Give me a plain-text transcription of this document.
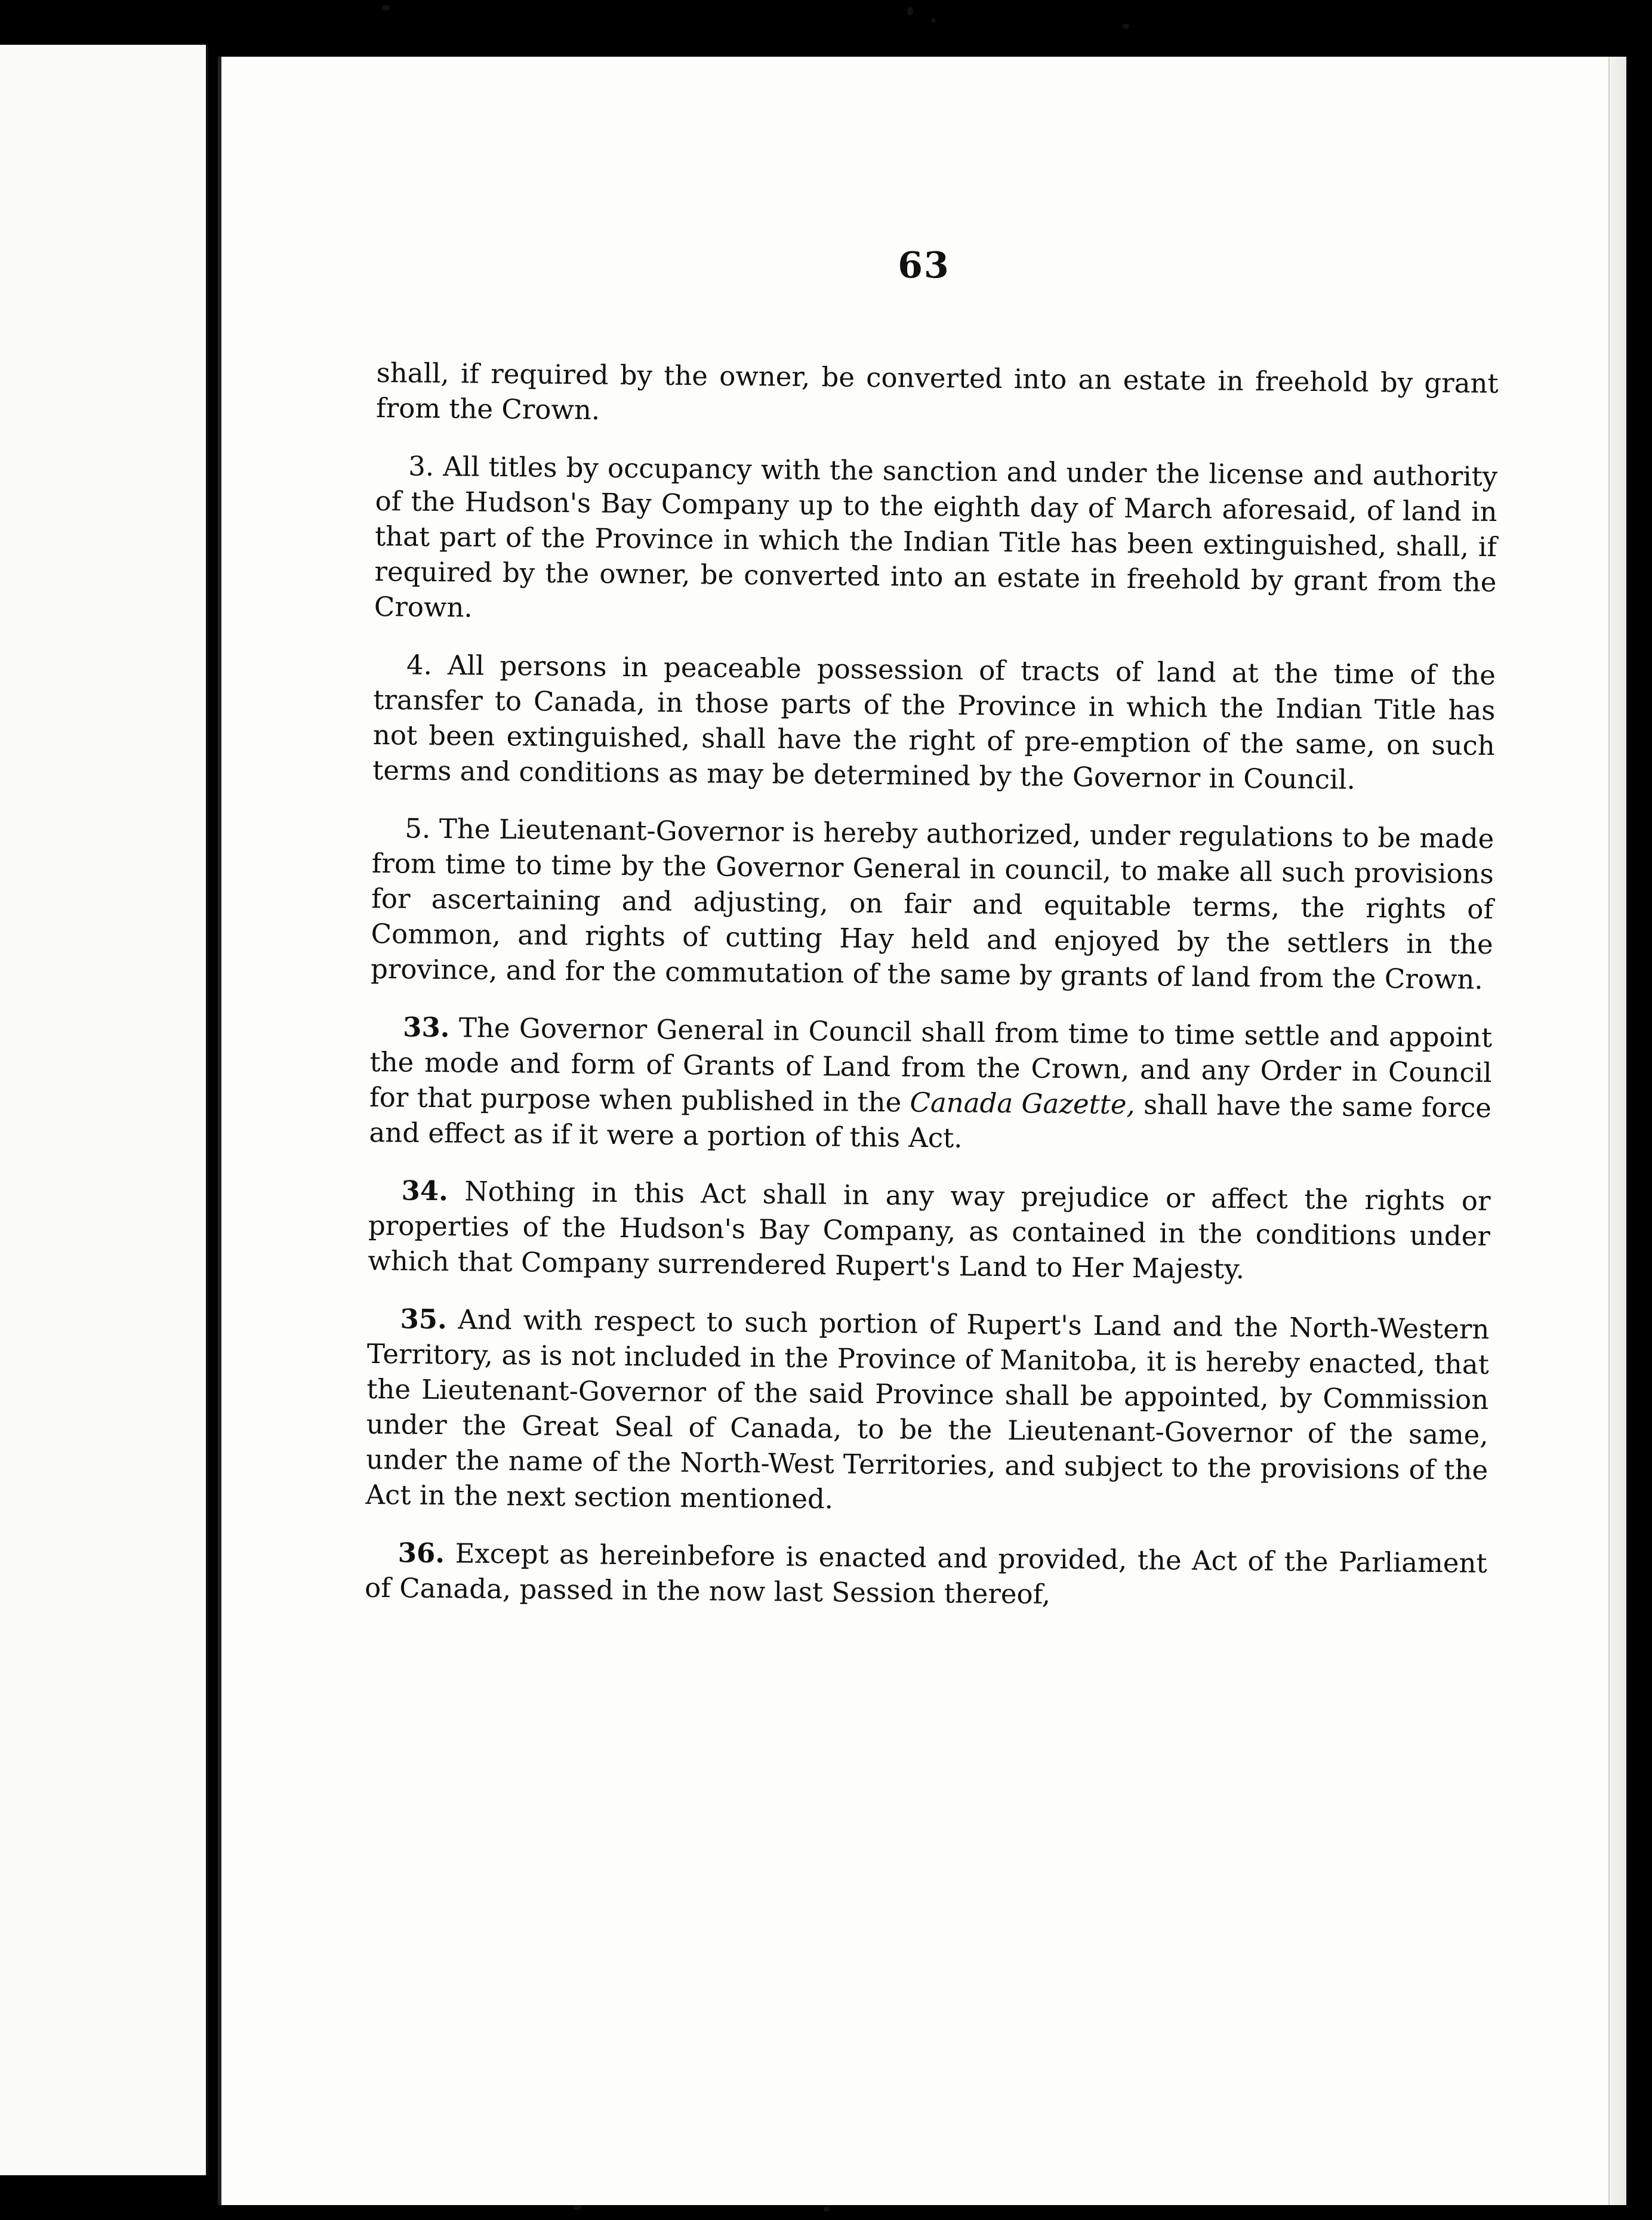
63

shall, if required by the owner, be converted into an estate in freehold by grant from the Crown.

3. All titles by occupancy with the sanction and under the license and authority of the Hudson's Bay Company up to the eighth day of March aforesaid, of land in that part of the Province in which the Indian Title has been extinguished, shall, if required by the owner, be converted into an estate in freehold by grant from the Crown.

4. All persons in peaceable possession of tracts of land at the time of the transfer to Canada, in those parts of the Province in which the Indian Title has not been extinguished, shall have the right of pre-emption of the same, on such terms and conditions as may be determined by the Governor in Council.

5. The Lieutenant-Governor is hereby authorized, under regulations to be made from time to time by the Governor General in council, to make all such provisions for ascertaining and adjusting, on fair and equitable terms, the rights of Common, and rights of cutting Hay held and enjoyed by the settlers in the province, and for the commutation of the same by grants of land from the Crown.

33. The Governor General in Council shall from time to time settle and appoint the mode and form of Grants of Land from the Crown, and any Order in Council for that purpose when published in the Canada Gazette, shall have the same force and effect as if it were a portion of this Act.

34. Nothing in this Act shall in any way prejudice or affect the rights or properties of the Hudson's Bay Company, as contained in the conditions under which that Company surrendered Rupert's Land to Her Majesty.

35. And with respect to such portion of Rupert's Land and the North-Western Territory, as is not included in the Province of Manitoba, it is hereby enacted, that the Lieutenant-Governor of the said Province shall be appointed, by Commission under the Great Seal of Canada, to be the Lieutenant-Governor of the same, under the name of the North-West Territories, and subject to the provisions of the Act in the next section mentioned.

36. Except as hereinbefore is enacted and provided, the Act of the Parliament of Canada, passed in the now last Session thereof,
